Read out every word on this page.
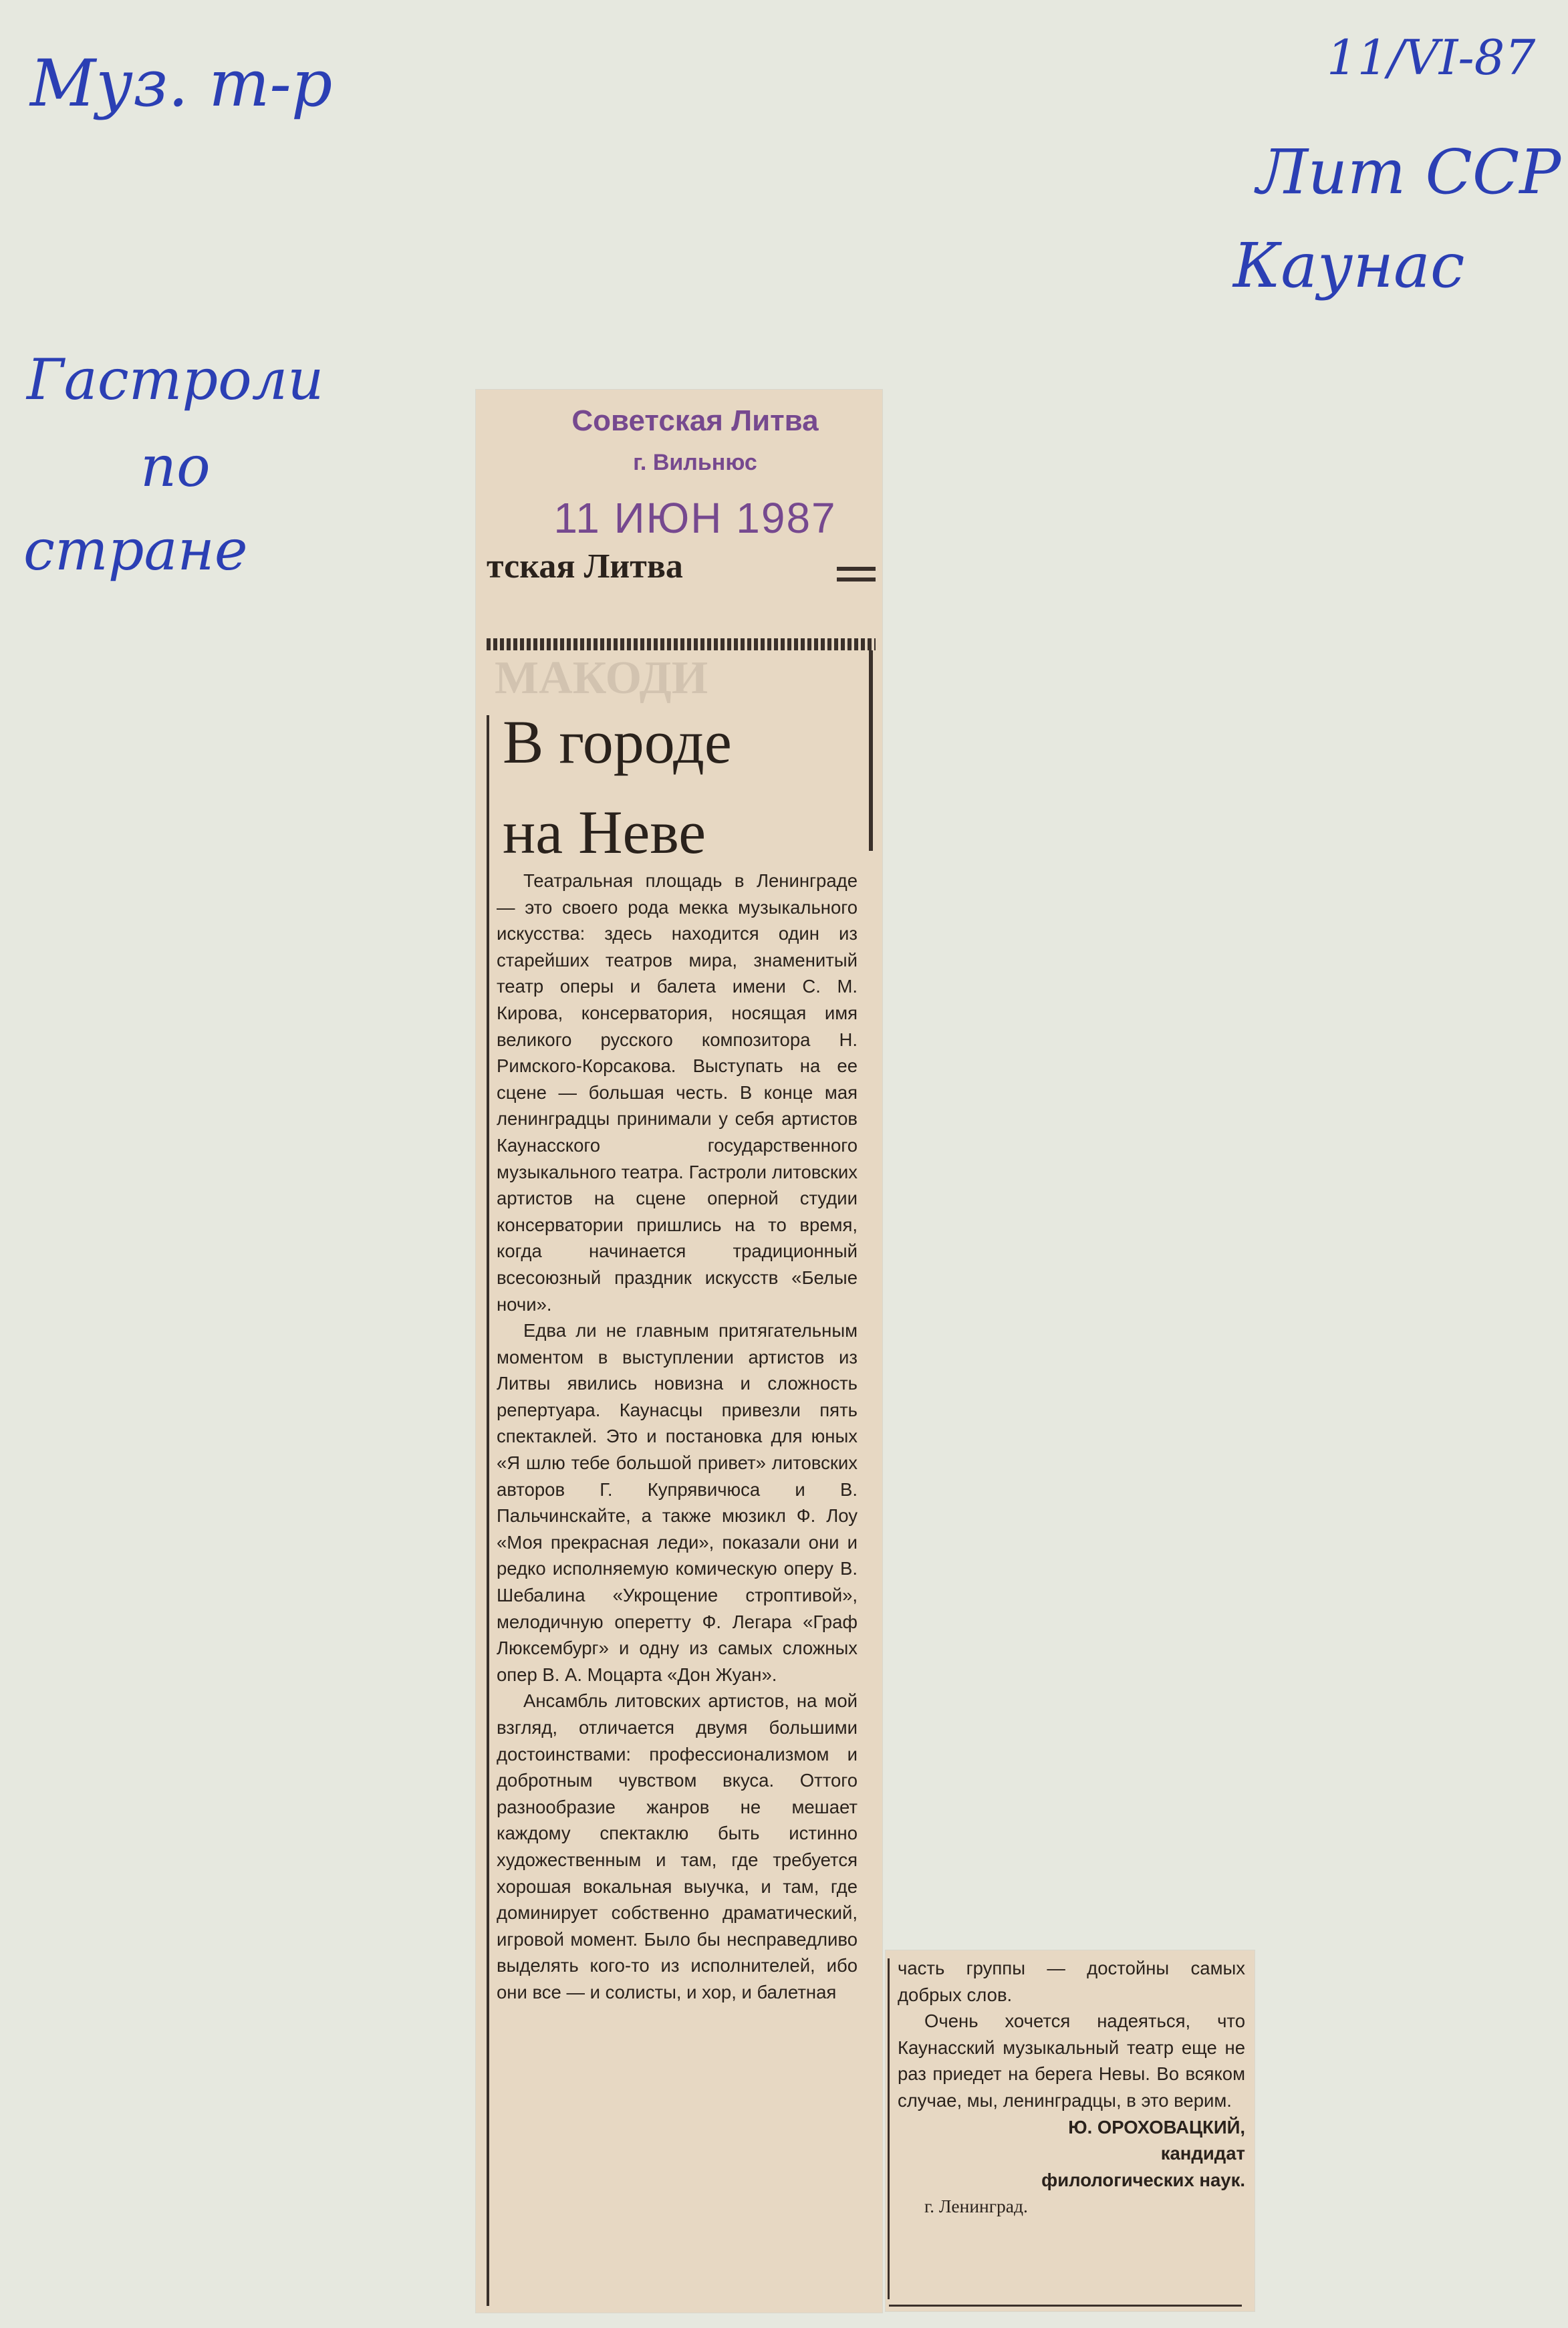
Муз. т-р	11/VI-87
Лит ССР
Каунас
Гастроли
по
стране
Советская Литва
г. Вильнюс
11 ИЮН 1987
тская Литва
МАКОДИ
В городе
на Неве

Театральная площадь в Ленинграде — это своего рода мекка музыкального искусства: здесь находится один из старейших театров мира, знаменитый театр оперы и балета имени С. М. Кирова, консерватория, носящая имя великого русского композитора Н. Римского-Корсакова. Выступать на ее сцене — большая честь. В конце мая ленинградцы принимали у себя артистов Каунасского государственного музыкального театра. Гастроли литовских артистов на сцене оперной студии консерватории пришлись на то время, когда начинается традиционный всесоюзный праздник искусств «Белые ночи».

Едва ли не главным притягательным моментом в выступлении артистов из Литвы явились новизна и сложность репертуара. Каунасцы привезли пять спектаклей. Это и постановка для юных «Я шлю тебе большой привет» литовских авторов Г. Купрявичюса и В. Пальчинскайте, а также мюзикл Ф. Лоу «Моя прекрасная леди», показали они и редко исполняемую комическую оперу В. Шебалина «Укрощение строптивой», мелодичную оперетту Ф. Легара «Граф Люксембург» и одну из самых сложных опер В. А. Моцарта «Дон Жуан».

Ансамбль литовских артистов, на мой взгляд, отличается двумя большими достоинствами: профессионализмом и добротным чувством вкуса. Оттого разнообразие жанров не мешает каждому спектаклю быть истинно художественным и там, где требуется хорошая вокальная выучка, и там, где доминирует собственно драматический, игровой момент. Было бы несправедливо выделять кого-то из исполнителей, ибо они все — и солисты, и хор, и балетная

часть группы — достойны самых добрых слов.

Очень хочется надеяться, что Каунасский музыкальный театр еще не раз приедет на берега Невы. Во всяком случае, мы, ленинградцы, в это верим.

Ю. ОРОХОВАЦКИЙ,

кандидат

филологических наук.

г. Ленинград.
